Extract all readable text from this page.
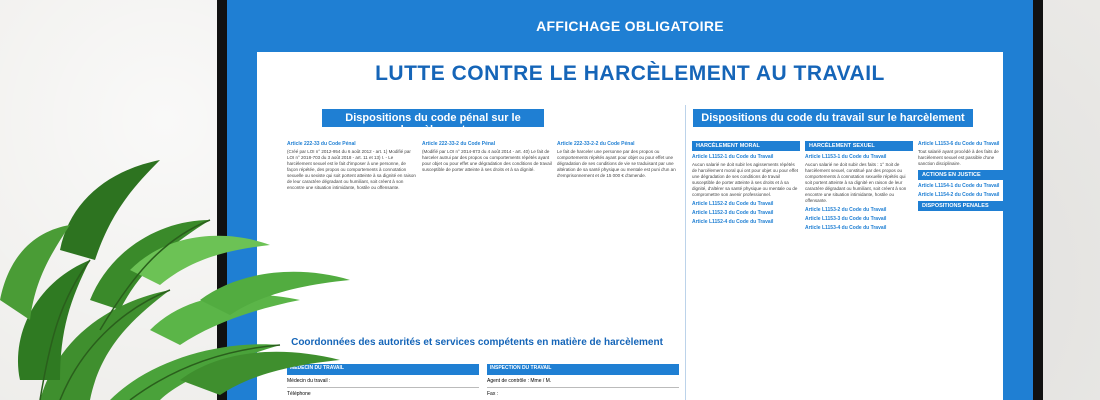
AFFICHAGE OBLIGATOIRE
LUTTE CONTRE LE HARCÈLEMENT AU TRAVAIL
Dispositions du code pénal sur le harcèlement
Dispositions du code du travail sur le harcèlement
Article 222-33 du Code Pénal

(Créé par LOI n° 2012-954 du 6 août 2012 - art. 1) Modifié par LOI n° 2018-703 du 3 août 2018 - art. 11 et 13) I. - Le harcèlement sexuel est le fait d'imposer à une personne, de façon répétée, des propos ou comportements à connotation sexuelle ou sexiste qui soit portent atteinte à sa dignité en raison de leur caractère dégradant ou humiliant, soit créent à son encontre une situation intimidante, hostile ou offensante.

Article 222-33-2 du Code Pénal

(Modifié par LOI n° 2014-873 du 4 août 2014 - art. 40) Le fait de harceler autrui par des propos ou comportements répétés ayant pour objet ou pour effet une dégradation des conditions de travail susceptible de porter atteinte à ses droits et à sa dignité.

Article 222-33-2-2 du Code Pénal

Le fait de harceler une personne par des propos ou comportements répétés ayant pour objet ou pour effet une dégradation de ses conditions de vie se traduisant par une altération de sa santé physique ou mentale est puni d'un an d'emprisonnement et de 15 000 € d'amende.

HARCÈLEMENT MORAL
Article L1152-1 du Code du Travail

Aucun salarié ne doit subir les agissements répétés de harcèlement moral qui ont pour objet ou pour effet une dégradation de ses conditions de travail susceptible de porter atteinte à ses droits et à sa dignité, d'altérer sa santé physique ou mentale ou de compromettre son avenir professionnel.

Article L1152-2 du Code du Travail
Article L1152-3 du Code du Travail
Article L1152-4 du Code du Travail
HARCÈLEMENT SEXUEL
Article L1153-1 du Code du Travail

Aucun salarié ne doit subir des faits : 1° Soit de harcèlement sexuel, constitué par des propos ou comportements à connotation sexuelle répétés qui soit portent atteinte à sa dignité en raison de leur caractère dégradant ou humiliant, soit créent à son encontre une situation intimidante, hostile ou offensante.

Article L1153-2 du Code du Travail
Article L1153-3 du Code du Travail
Article L1153-4 du Code du Travail
Article L1153-6 du Code du Travail

Tout salarié ayant procédé à des faits de harcèlement sexuel est passible d'une sanction disciplinaire.

ACTIONS EN JUSTICE
Article L1154-1 du Code du Travail
Article L1154-2 du Code du Travail
DISPOSITIONS PENALES
Coordonnées des autorités et services compétents en matière de harcèlement
MÉDECIN DU TRAVAIL	INSPECTION DU TRAVAIL
Médecin du travail :	Agent de contrôle : Mme / M.
Téléphone	Fax :
